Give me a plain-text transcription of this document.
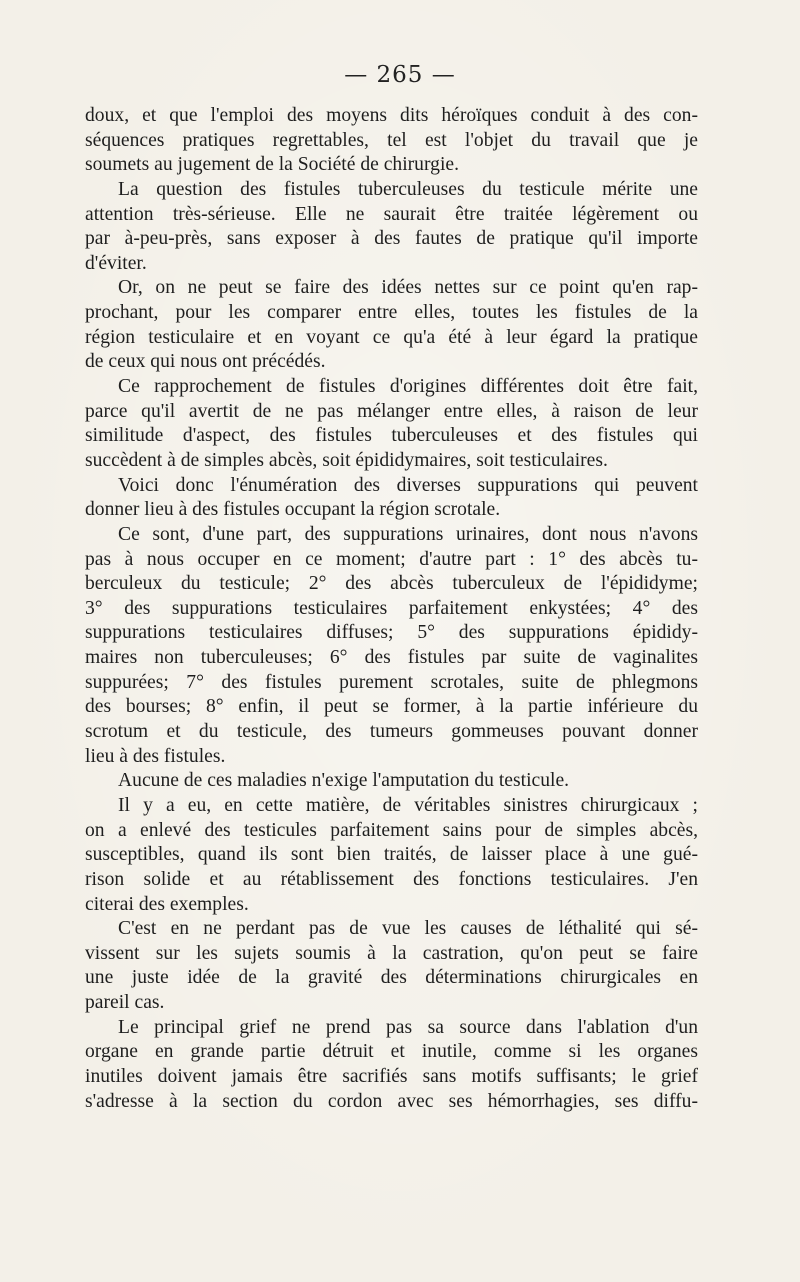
— 265 —
doux, et que l'emploi des moyens dits héroïques conduit à des con-
séquences pratiques regrettables, tel est l'objet du travail que je
soumets au jugement de la Société de chirurgie.
La question des fistules tuberculeuses du testicule mérite une
attention très-sérieuse. Elle ne saurait être traitée légèrement ou
par à-peu-près, sans exposer à des fautes de pratique qu'il importe
d'éviter.
Or, on ne peut se faire des idées nettes sur ce point qu'en rap-
prochant, pour les comparer entre elles, toutes les fistules de la
région testiculaire et en voyant ce qu'a été à leur égard la pratique
de ceux qui nous ont précédés.
Ce rapprochement de fistules d'origines différentes doit être fait,
parce qu'il avertit de ne pas mélanger entre elles, à raison de leur
similitude d'aspect, des fistules tuberculeuses et des fistules qui
succèdent à de simples abcès, soit épididymaires, soit testiculaires.
Voici donc l'énumération des diverses suppurations qui peuvent
donner lieu à des fistules occupant la région scrotale.
Ce sont, d'une part, des suppurations urinaires, dont nous n'avons
pas à nous occuper en ce moment; d'autre part : 1° des abcès tu-
berculeux du testicule; 2° des abcès tuberculeux de l'épididyme;
3° des suppurations testiculaires parfaitement enkystées; 4° des
suppurations testiculaires diffuses; 5° des suppurations épididy-
maires non tuberculeuses; 6° des fistules par suite de vaginalites
suppurées; 7° des fistules purement scrotales, suite de phlegmons
des bourses; 8° enfin, il peut se former, à la partie inférieure du
scrotum et du testicule, des tumeurs gommeuses pouvant donner
lieu à des fistules.
Aucune de ces maladies n'exige l'amputation du testicule.
Il y a eu, en cette matière, de véritables sinistres chirurgicaux ;
on a enlevé des testicules parfaitement sains pour de simples abcès,
susceptibles, quand ils sont bien traités, de laisser place à une gué-
rison solide et au rétablissement des fonctions testiculaires. J'en
citerai des exemples.
C'est en ne perdant pas de vue les causes de léthalité qui sé-
vissent sur les sujets soumis à la castration, qu'on peut se faire
une juste idée de la gravité des déterminations chirurgicales en
pareil cas.
Le principal grief ne prend pas sa source dans l'ablation d'un
organe en grande partie détruit et inutile, comme si les organes
inutiles doivent jamais être sacrifiés sans motifs suffisants; le grief
s'adresse à la section du cordon avec ses hémorrhagies, ses diffu-
